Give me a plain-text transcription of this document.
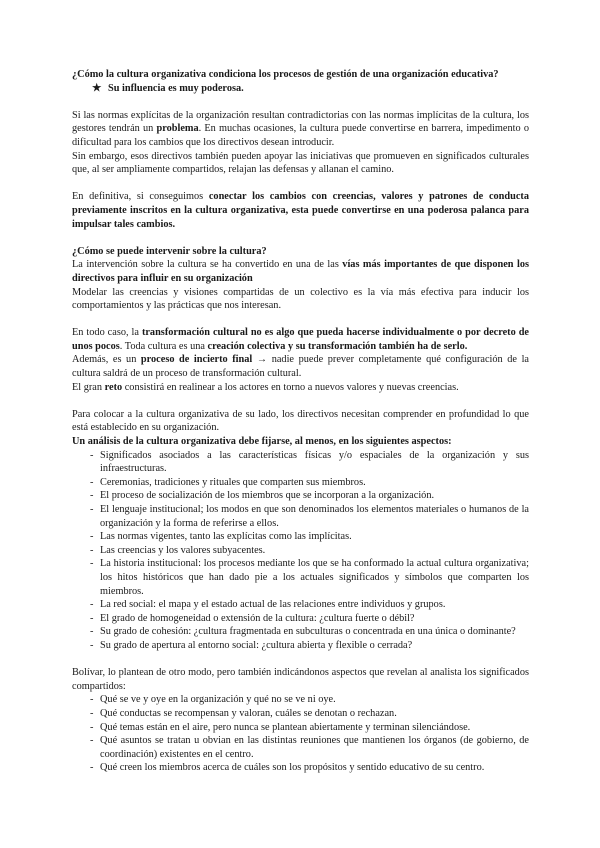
¿Cómo la cultura organizativa condiciona los procesos de gestión de una organización educativa?

★ Su influencia es muy poderosa.

Si las normas explícitas de la organización resultan contradictorias con las normas implícitas de la cultura, los gestores tendrán un problema. En muchas ocasiones, la cultura puede convertirse en barrera, impedimento o dificultad para los cambios que los directivos desean introducir.

Sin embargo, esos directivos también pueden apoyar las iniciativas que promueven en significados culturales que, al ser ampliamente compartidos, relajan las defensas y allanan el camino.

En definitiva, si conseguimos conectar los cambios con creencias, valores y patrones de conducta previamente inscritos en la cultura organizativa, esta puede convertirse en una poderosa palanca para impulsar tales cambios.

¿Cómo se puede intervenir sobre la cultura?

La intervención sobre la cultura se ha convertido en una de las vías más importantes de que disponen los directivos para influir en su organización

Modelar las creencias y visiones compartidas de un colectivo es la vía más efectiva para inducir los comportamientos y las prácticas que nos interesan.

En todo caso, la transformación cultural no es algo que pueda hacerse individualmente o por decreto de unos pocos. Toda cultura es una creación colectiva y su transformación también ha de serlo.

Además, es un proceso de incierto final → nadie puede prever completamente qué configuración de la cultura saldrá de un proceso de transformación cultural.

El gran reto consistirá en realinear a los actores en torno a nuevos valores y nuevas creencias.

Para colocar a la cultura organizativa de su lado, los directivos necesitan comprender en profundidad lo que está establecido en su organización.

Un análisis de la cultura organizativa debe fijarse, al menos, en los siguientes aspectos:

- Significados asociados a las características físicas y/o espaciales de la organización y sus infraestructuras.
- Ceremonias, tradiciones y rituales que comparten sus miembros.
- El proceso de socialización de los miembros que se incorporan a la organización.
- El lenguaje institucional; los modos en que son denominados los elementos materiales o humanos de la organización y la forma de referirse a ellos.
- Las normas vigentes, tanto las explícitas como las implícitas.
- Las creencias y los valores subyacentes.
- La historia institucional: los procesos mediante los que se ha conformado la actual cultura organizativa; los hitos históricos que han dado pie a los actuales significados y símbolos que comparten los miembros.
- La red social: el mapa y el estado actual de las relaciones entre individuos y grupos.
- El grado de homogeneidad o extensión de la cultura: ¿cultura fuerte o débil?
- Su grado de cohesión: ¿cultura fragmentada en subculturas o concentrada en una única o dominante?
- Su grado de apertura al entorno social: ¿cultura abierta y flexible o cerrada?

Bolívar, lo plantean de otro modo, pero también indicándonos aspectos que revelan al analista los significados compartidos:

- Qué se ve y oye en la organización y qué no se ve ni oye.
- Qué conductas se recompensan y valoran, cuáles se denotan o rechazan.
- Qué temas están en el aire, pero nunca se plantean abiertamente y terminan silenciándose.
- Qué asuntos se tratan u obvian en las distintas reuniones que mantienen los órganos (de gobierno, de coordinación) existentes en el centro.
- Qué creen los miembros acerca de cuáles son los propósitos y sentido educativo de su centro.
